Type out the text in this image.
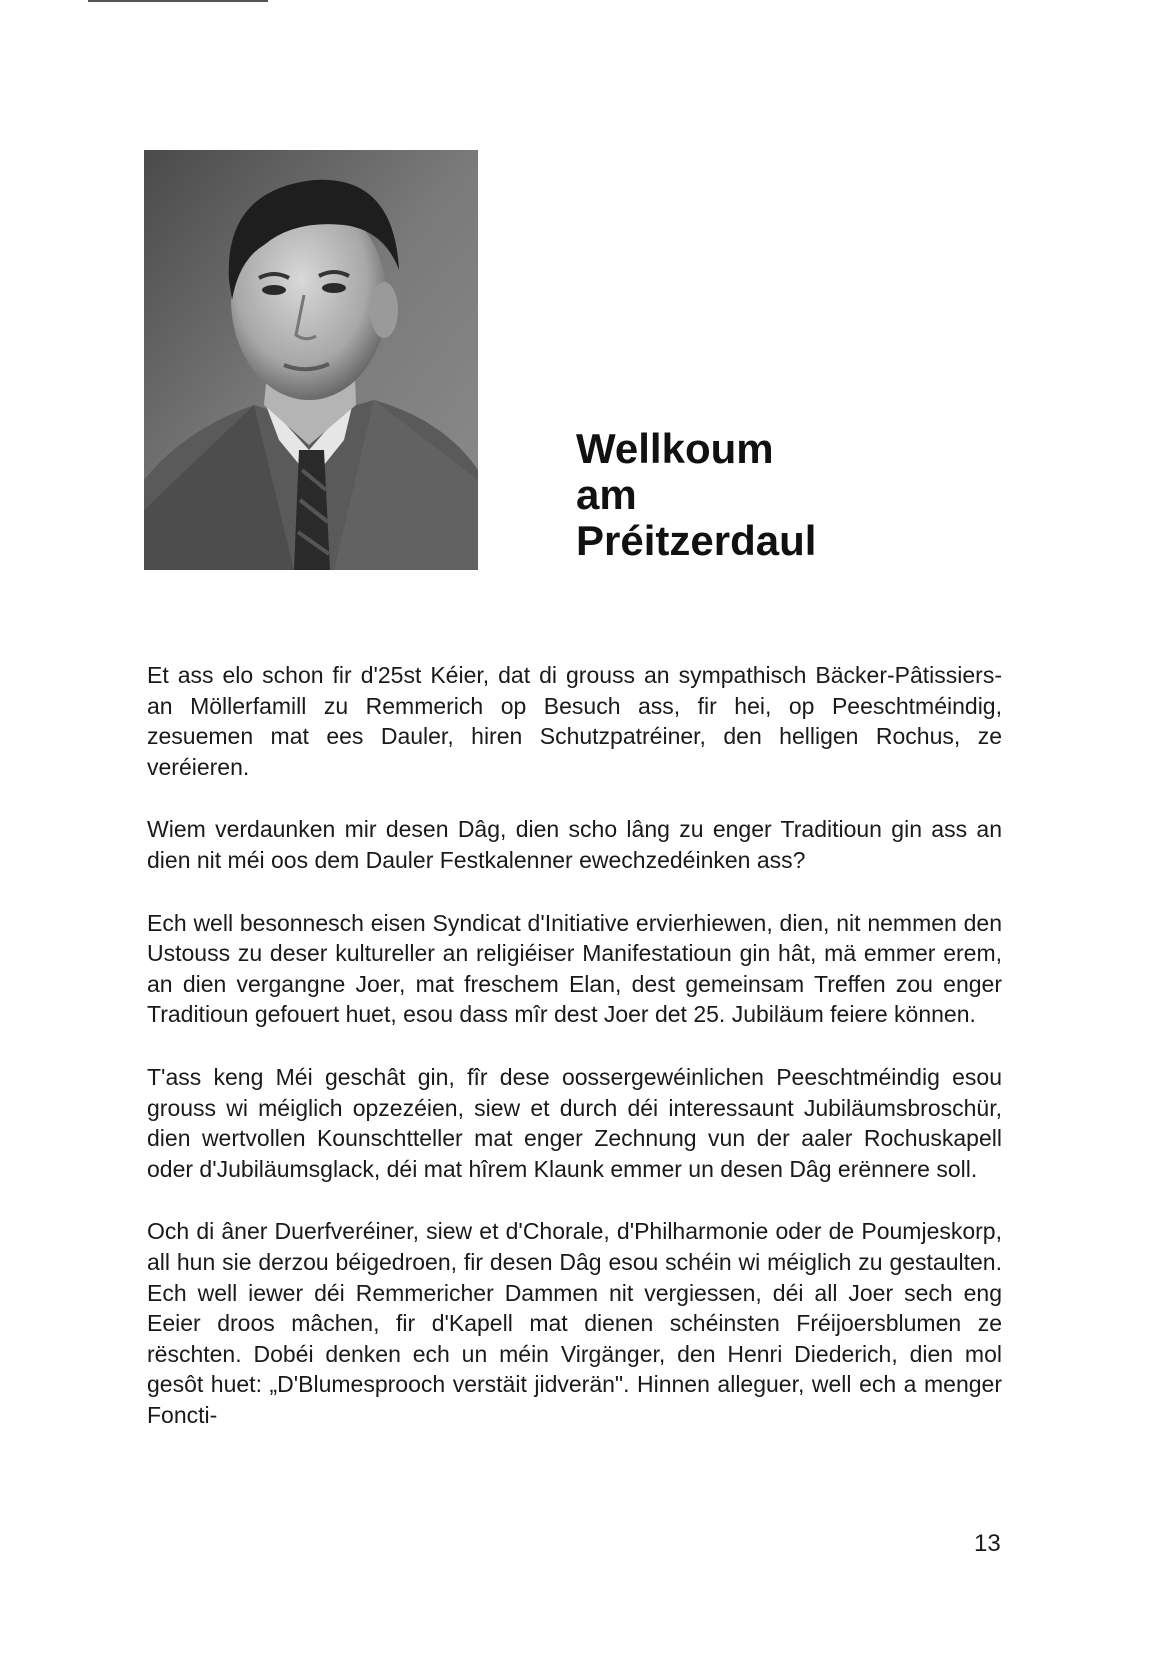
Wellkoum
am
Préitzerdaul

Et ass elo schon fir d'25st Kéier, dat di grouss an sympathisch Bäcker-Pâtissiers- an Möllerfamill zu Remmerich op Besuch ass, fir hei, op Peeschtméindig, zesuemen mat ees Dauler, hiren Schutzpatréiner, den helligen Rochus, ze veréieren.

Wiem verdaunken mir desen Dâg, dien scho lâng zu enger Traditioun gin ass an dien nit méi oos dem Dauler Festkalenner ewechzedéinken ass?

Ech well besonnesch eisen Syndicat d'Initiative ervierhiewen, dien, nit nemmen den Ustouss zu deser kultureller an religiéiser Manifestatioun gin hât, mä emmer erem, an dien vergangne Joer, mat freschem Elan, dest gemeinsam Treffen zou enger Traditioun gefouert huet, esou dass mîr dest Joer det 25. Jubiläum feiere können.

T'ass keng Méi geschât gin, fîr dese oossergewéinlichen Peeschtméindig esou grouss wi méiglich opzezéien, siew et durch déi interessaunt Jubiläumsbroschür, dien wertvollen Kounschtteller mat enger Zechnung vun der aaler Rochuskapell oder d'Jubiläumsglack, déi mat hîrem Klaunk emmer un desen Dâg erënnere soll.

Och di âner Duerfveréiner, siew et d'Chorale, d'Philharmonie oder de Poumjeskorp, all hun sie derzou béigedroen, fir desen Dâg esou schéin wi méiglich zu gestaulten. Ech well iewer déi Remmericher Dammen nit vergiessen, déi all Joer sech eng Eeier droos mâchen, fir d'Kapell mat dienen schéinsten Fréijoersblumen ze rëschten. Dobéi denken ech un méin Virgänger, den Henri Diederich, dien mol gesôt huet: „D'Blumesprooch verstäit jidverän". Hinnen alleguer, well ech a menger Foncti-

13
